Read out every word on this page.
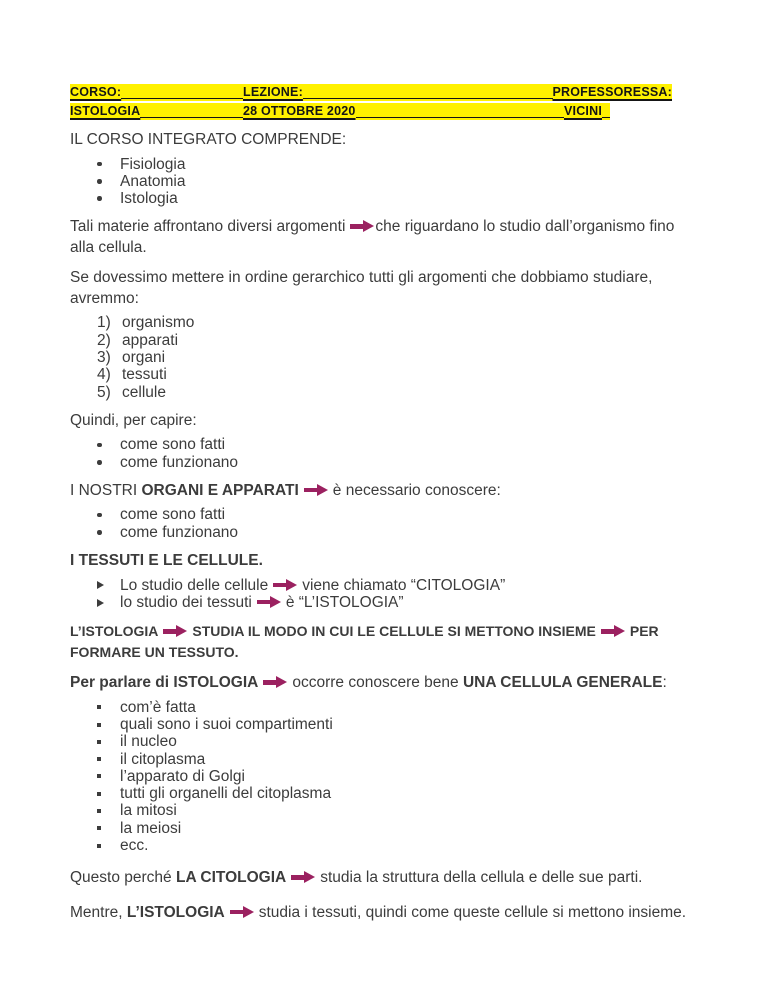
CORSO:	LEZIONE:	PROFESSORESSA:
ISTOLOGIA	28 OTTOBRE 2020	VICINI

IL CORSO INTEGRATO COMPRENDE:

Fisiologia
Anatomia
Istologia

Tali materie affrontano diversi argomenti che riguardano lo studio dall’organismo fino
alla cellula.

Se dovessimo mettere in ordine gerarchico tutti gli argomenti che dobbiamo studiare,
avremmo:

1) organismo
2) apparati
3) organi
4) tessuti
5) cellule

Quindi, per capire:

come sono fatti
come funzionano

I NOSTRI ORGANI E APPARATI è necessario conoscere:

come sono fatti
come funzionano

I TESSUTI E LE CELLULE.

Lo studio delle cellule viene chiamato “CITOLOGIA”
lo studio dei tessuti è “L’ISTOLOGIA”

L’ISTOLOGIA STUDIA IL MODO IN CUI LE CELLULE SI METTONO INSIEME PER
FORMARE UN TESSUTO.

Per parlare di ISTOLOGIA occorre conoscere bene UNA CELLULA GENERALE:

com’è fatta
quali sono i suoi compartimenti
il nucleo
il citoplasma
l’apparato di Golgi
tutti gli organelli del citoplasma
la mitosi
la meiosi
ecc.

Questo perché LA CITOLOGIA studia la struttura della cellula e delle sue parti.

Mentre, L’ISTOLOGIA studia i tessuti, quindi come queste cellule si mettono insieme.
